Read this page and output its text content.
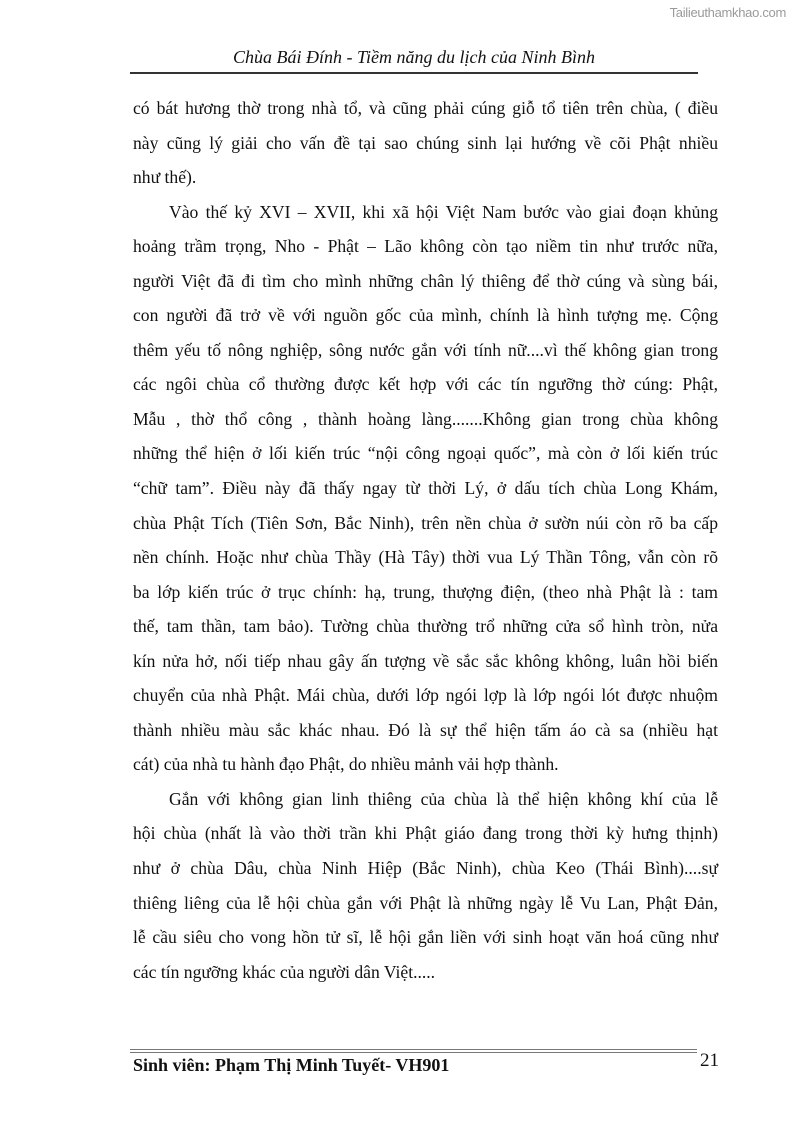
Tailieuthamkhao.com
Chùa Bái Đính - Tiềm năng du lịch của Ninh Bình
có bát hương thờ trong nhà tổ, và cũng phải cúng giỗ tổ tiên trên chùa, ( điều
này cũng lý giải cho vấn đề tại sao chúng sinh lại hướng về cõi Phật nhiều
như thế).
Vào thế kỷ XVI – XVII, khi xã hội Việt Nam bước vào giai đoạn khủng
hoảng trầm trọng, Nho - Phật – Lão không còn tạo niềm tin như trước nữa,
người Việt đã đi tìm cho mình những chân lý thiêng để thờ cúng và sùng bái,
con người đã trở về với nguồn gốc của mình, chính là hình tượng mẹ. Cộng
thêm yếu tố nông nghiệp, sông nước gắn với tính nữ....vì thế không gian trong
các ngôi chùa cổ thường được kết hợp với các tín ngưỡng thờ cúng: Phật,
Mẫu , thờ thổ công , thành hoàng làng.......Không gian trong chùa không
những thể hiện ở lối kiến trúc “nội công ngoại quốc”, mà còn ở lối kiến trúc
“chữ tam”. Điều này đã thấy ngay từ thời Lý, ở dấu tích chùa Long Khám,
chùa Phật Tích (Tiên Sơn, Bắc Ninh), trên nền chùa ở sườn núi còn rõ ba cấp
nền chính. Hoặc như chùa Thầy (Hà Tây) thời vua Lý Thần Tông, vẫn còn rõ
ba lớp kiến trúc ở trục chính: hạ, trung, thượng điện, (theo nhà Phật là : tam
thế, tam thần, tam bảo). Tường chùa thường trổ những cửa sổ hình tròn, nửa
kín nửa hở, nối tiếp nhau gây ấn tượng về sắc sắc không không, luân hồi biến
chuyển của nhà Phật. Mái chùa, dưới lớp ngói lợp là lớp ngói lót được nhuộm
thành nhiều màu sắc khác nhau. Đó là sự thể hiện tấm áo cà sa (nhiều hạt
cát) của nhà tu hành đạo Phật, do nhiều mảnh vải hợp thành.
Gắn với không gian linh thiêng của chùa là thể hiện không khí của lễ
hội chùa (nhất là vào thời trần khi Phật giáo đang trong thời kỳ hưng thịnh)
như ở chùa Dâu, chùa Ninh Hiệp (Bắc Ninh), chùa Keo (Thái Bình)....sự
thiêng liêng của lễ hội chùa gắn với Phật là những ngày lễ Vu Lan, Phật Đản,
lễ cầu siêu cho vong hồn tử sĩ, lễ hội gắn liền với sinh hoạt văn hoá cũng như
các tín ngưỡng khác của người dân Việt.....
Sinh viên: Phạm Thị Minh Tuyết- VH901	21
